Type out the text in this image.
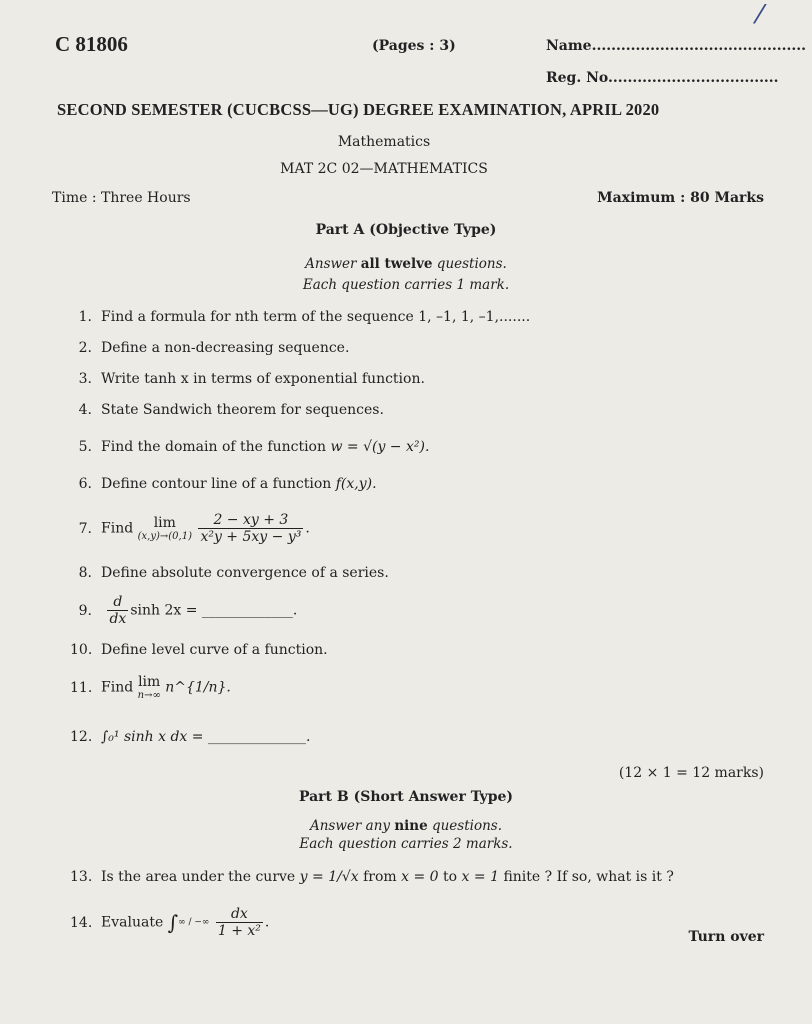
⁄
C 81806	(Pages : 3)	Name............................................
Reg. No...................................
SECOND SEMESTER (CUCBCSS—UG) DEGREE EXAMINATION, APRIL 2020
Mathematics
MAT 2C 02—MATHEMATICS
Time : Three Hours	Maximum : 80 Marks
Part A (Objective Type)
Answer all twelve questions.
Each question carries 1 mark.
1. Find a formula for nth term of the sequence 1, –1, 1, –1,.......
2. Define a non-decreasing sequence.
3. Write tanh x in terms of exponential function.
4. State Sandwich theorem for sequences.
5. Find the domain of the function w = √(y − x²).
6. Define contour line of a function f(x,y).
7. Find lim
(x,y)→(0,1)
$\frac{2 - xy + 3}{\text{x²y + 5xy − y³}}$ .
8. Define absolute convergence of a series.
9. $\frac{d}{dx}$ sinh 2x = _____________.
10. Define level curve of a function.
11. Find lim
n→∞ n^{1/n}.
12. ∫₀¹ sinh x dx = ______________.
(12 × 1 = 12 marks)
Part B (Short Answer Type)
Answer any nine questions.
Each question carries 2 marks.
13. Is the area under the curve y = 1/√x from x = 0 to x = 1 finite ? If so, what is it ?
14. Evaluate ∫∞ / −∞ $\frac{dx}{\text{1 + x²}}$ .
Turn over
